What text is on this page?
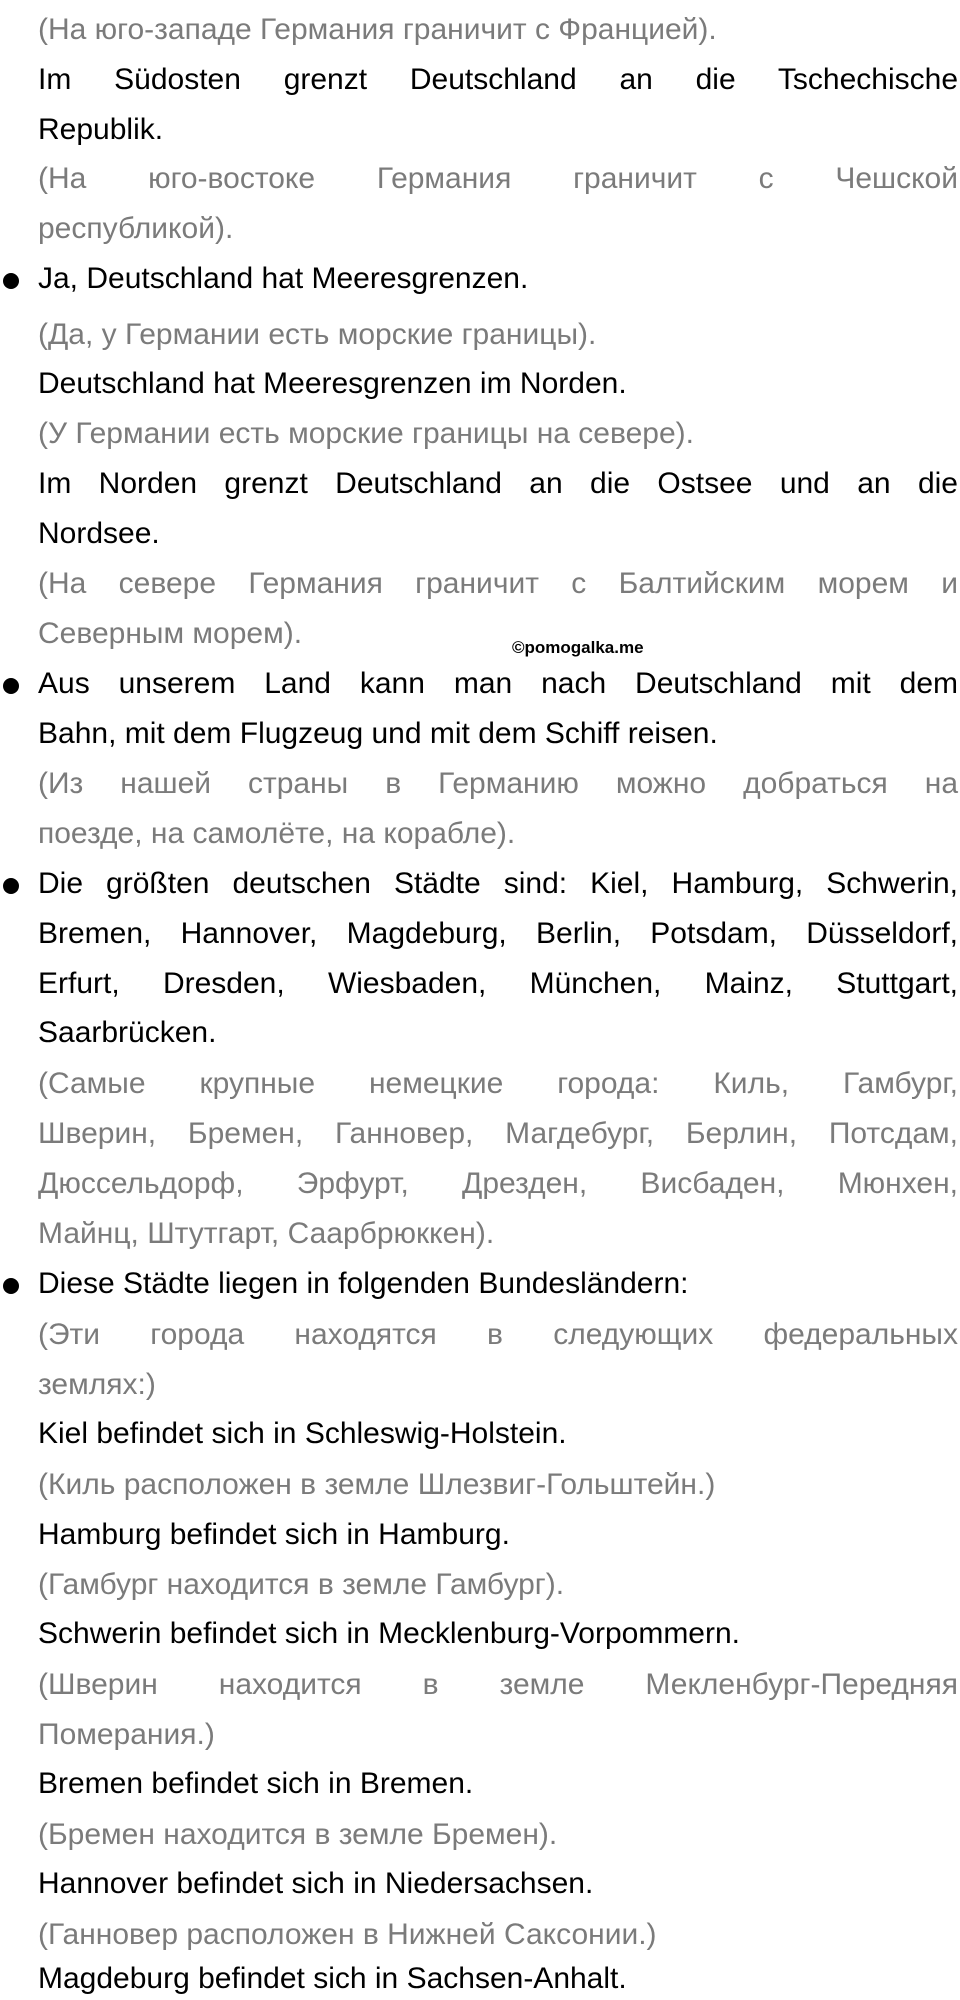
(На юго-западе Германия граничит с Францией).

Im Südosten grenzt Deutschland an die Tschechische

Republik.

(На юго-востоке Германия граничит с Чешской

республикой).

Ja, Deutschland hat Meeresgrenzen.

(Да, у Германии есть морские границы).

Deutschland hat Meeresgrenzen im Norden.

(У Германии есть морские границы на севере).

Im Norden grenzt Deutschland an die Ostsee und an die

Nordsee.

(На севере Германия граничит с Балтийским морем и

Северным морем).	©pomogalka.me

Aus unserem Land kann man nach Deutschland mit dem

Bahn, mit dem Flugzeug und mit dem Schiff reisen.

(Из нашей страны в Германию можно добраться на

поезде, на самолёте, на корабле).

Die größten deutschen Städte sind: Kiel, Hamburg, Schwerin,

Bremen, Hannover, Magdeburg, Berlin, Potsdam, Düsseldorf,

Erfurt, Dresden, Wiesbaden, München, Mainz, Stuttgart,

Saarbrücken.

(Самые крупные немецкие города: Киль, Гамбург,

Шверин, Бремен, Ганновер, Магдебург, Берлин, Потсдам,

Дюссельдорф, Эрфурт, Дрезден, Висбаден, Мюнхен,

Майнц, Штутгарт, Саарбрюккен).

Diese Städte liegen in folgenden Bundesländern:

(Эти города находятся в следующих федеральных

землях:)

Kiel befindet sich in Schleswig-Holstein.

(Киль расположен в земле Шлезвиг-Гольштейн.)

Hamburg befindet sich in Hamburg.

(Гамбург находится в земле Гамбург).

Schwerin befindet sich in Mecklenburg-Vorpommern.

(Шверин находится в земле Мекленбург-Передняя

Померания.)

Bremen befindet sich in Bremen.

(Бремен находится в земле Бремен).

Hannover befindet sich in Niedersachsen.

(Ганновер расположен в Нижней Саксонии.)

Magdeburg befindet sich in Sachsen-Anhalt.
